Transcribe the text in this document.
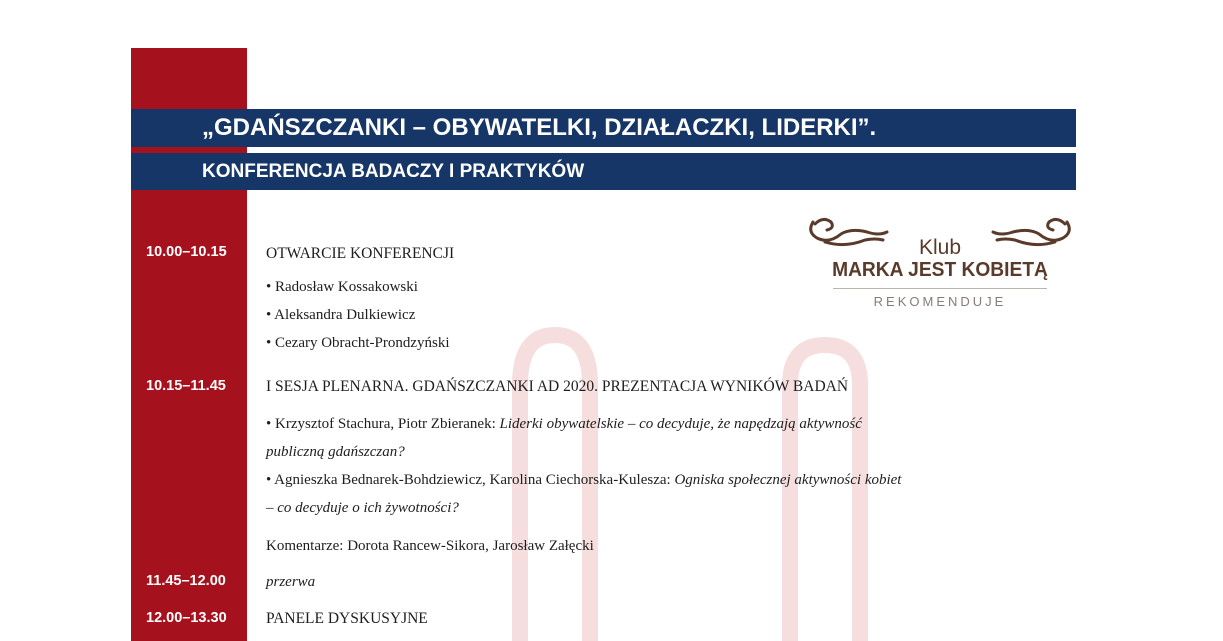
„GDAŃSZCZANKI – OBYWATELKI, DZIAŁACZKI, LIDERKI”.
KONFERENCJA BADACZY I PRAKTYKÓW
Klub
MARKA JEST KOBIETĄ
REKOMENDUJE
10.00–10.15	OTWARCIE KONFERENCJI
• Radosław Kossakowski
• Aleksandra Dulkiewicz
• Cezary Obracht-Prondzyński
10.15–11.45	I SESJA PLENARNA. GDAŃSZCZANKI AD 2020. PREZENTACJA WYNIKÓW BADAŃ
• Krzysztof Stachura, Piotr Zbieranek: Liderki obywatelskie – co decyduje, że napędzają aktywność
publiczną gdańszczan?
• Agnieszka Bednarek-Bohdziewicz, Karolina Ciechorska-Kulesza: Ogniska społecznej aktywności kobiet
– co decyduje o ich żywotności?
Komentarze: Dorota Rancew-Sikora, Jarosław Załęcki
11.45–12.00	przerwa
12.00–13.30	PANELE DYSKUSYJNE
